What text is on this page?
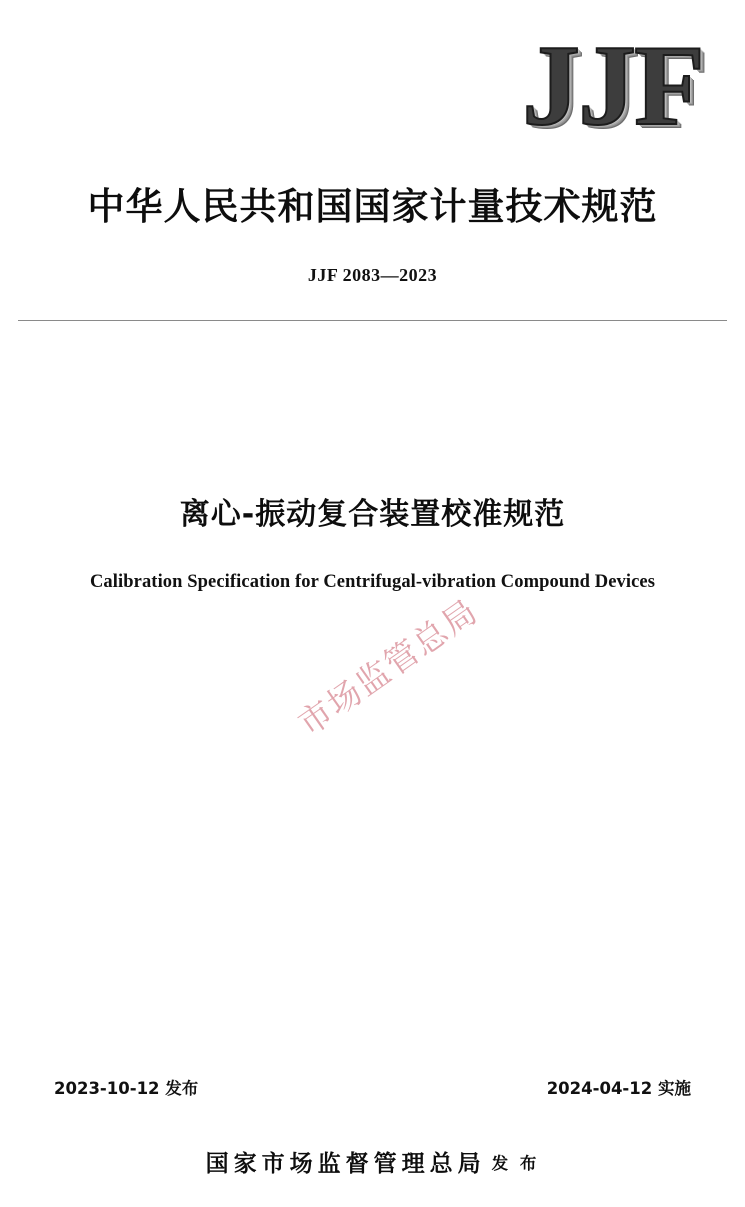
JJF
中华人民共和国国家计量技术规范
JJF 2083—2023
离心-振动复合装置校准规范
Calibration Specification for Centrifugal-vibration Compound Devices
市场监管总局
2023-10-12 发布	2024-04-12 实施
国家市场监督管理总局 发 布
